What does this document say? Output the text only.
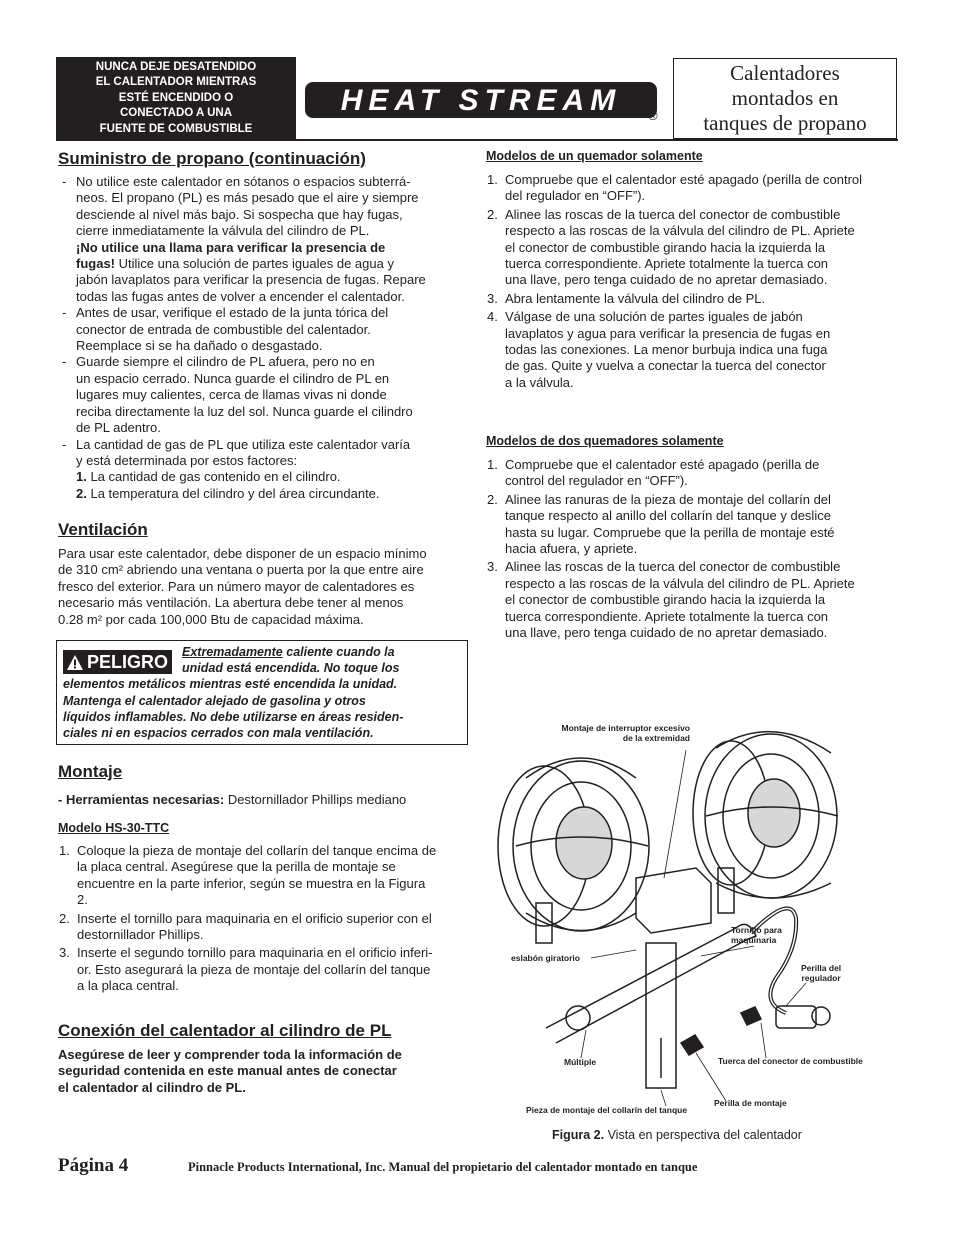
NUNCA DEJE DESATENDIDO
EL CALENTADOR MIENTRAS
ESTÉ ENCENDIDO O
CONECTADO A UNA
FUENTE DE COMBUSTIBLE
HEAT STREAM ®
Calentadores
montados en
tanques de propano
Suministro de propano (continuación)
- No utilice este calentador en sótanos o espacios subterrá-
neos. El propano (PL) es más pesado que el aire y siempre
desciende al nivel más bajo. Si sospecha que hay fugas,
cierre inmediatamente la válvula del cilindro de PL.
¡No utilice una llama para verificar la presencia de
fugas! Utilice una solución de partes iguales de agua y
jabón lavaplatos para verificar la presencia de fugas. Repare
todas las fugas antes de volver a encender el calentador.
- Antes de usar, verifique el estado de la junta tórica del
conector de entrada de combustible del calentador.
Reemplace si se ha dañado o desgastado.
- Guarde siempre el cilindro de PL afuera, pero no en
un espacio cerrado. Nunca guarde el cilindro de PL en
lugares muy calientes, cerca de llamas vivas ni donde
reciba directamente la luz del sol. Nunca guarde el cilindro
de PL adentro.
- La cantidad de gas de PL que utiliza este calentador varía
y está determinada por estos factores:

1. La cantidad de gas contenido en el cilindro.
2. La temperatura del cilindro y del área circundante.
Ventilación
Para usar este calentador, debe disponer de un espacio mínimo
de 310 cm² abriendo una ventana o puerta por la que entre aire
fresco del exterior. Para un número mayor de calentadores es
necesario más ventilación. La abertura debe tener al menos
0.28 m² por cada 100,000 Btu de capacidad máxima.
PELIGRO	Extremadamente caliente cuando la
unidad está encendida. No toque los
elementos metálicos mientras esté encendida la unidad.
Mantenga el calentador alejado de gasolina y otros
líquidos inflamables. No debe utilizarse en áreas residen-
ciales ni en espacios cerrados con mala ventilación.
Montaje
- Herramientas necesarias: Destornillador Phillips mediano
Modelo HS-30-TTC
1. Coloque la pieza de montaje del collarín del tanque encima de
la placa central. Asegúrese que la perilla de montaje se
encuentre en la parte inferior, según se muestra en la Figura
2.
2. Inserte el tornillo para maquinaria en el orificio superior con el
destornillador Phillips.
3. Inserte el segundo tornillo para maquinaria en el orificio inferi-
or. Esto asegurará la pieza de montaje del collarín del tanque
a la placa central.
Conexión del calentador al cilindro de PL
Asegúrese de leer y comprender toda la información de
seguridad contenida en este manual antes de conectar
el calentador al cilindro de PL.
Modelos de un quemador solamente
1. Compruebe que el calentador esté apagado (perilla de control
del regulador en “OFF”).
2. Alinee las roscas de la tuerca del conector de combustible
respecto a las roscas de la válvula del cilindro de PL. Apriete
el conector de combustible girando hacia la izquierda la
tuerca correspondiente. Apriete totalmente la tuerca con
una llave, pero tenga cuidado de no apretar demasiado.
3. Abra lentamente la válvula del cilindro de PL.
4. Válgase de una solución de partes iguales de jabón
lavaplatos y agua para verificar la presencia de fugas en
todas las conexiones. La menor burbuja indica una fuga
de gas. Quite y vuelva a conectar la tuerca del conector
a la válvula.
Modelos de dos quemadores solamente
1. Compruebe que el calentador esté apagado (perilla de
control del regulador en “OFF”).
2. Alinee las ranuras de la pieza de montaje del collarín del
tanque respecto al anillo del collarín del tanque y deslice
hasta su lugar. Compruebe que la perilla de montaje esté
hacia afuera, y apriete.
3. Alinee las roscas de la tuerca del conector de combustible
respecto a las roscas de la válvula del cilindro de PL. Apriete
el conector de combustible girando hacia la izquierda la
tuerca correspondiente. Apriete totalmente la tuerca con
una llave, pero tenga cuidado de no apretar demasiado.
Montaje de interruptor excesivo
de la extremidad
eslabón giratorio
Tornillo para
maquinaria
Perilla del
regulador
Múltiple	Tuerca del conector de combustible
Perilla de montaje
Pieza de montaje del collarín del tanque
Figura 2. Vista en perspectiva del calentador
Página 4	Pinnacle Products International, Inc. Manual del propietario del calentador montado en tanque
